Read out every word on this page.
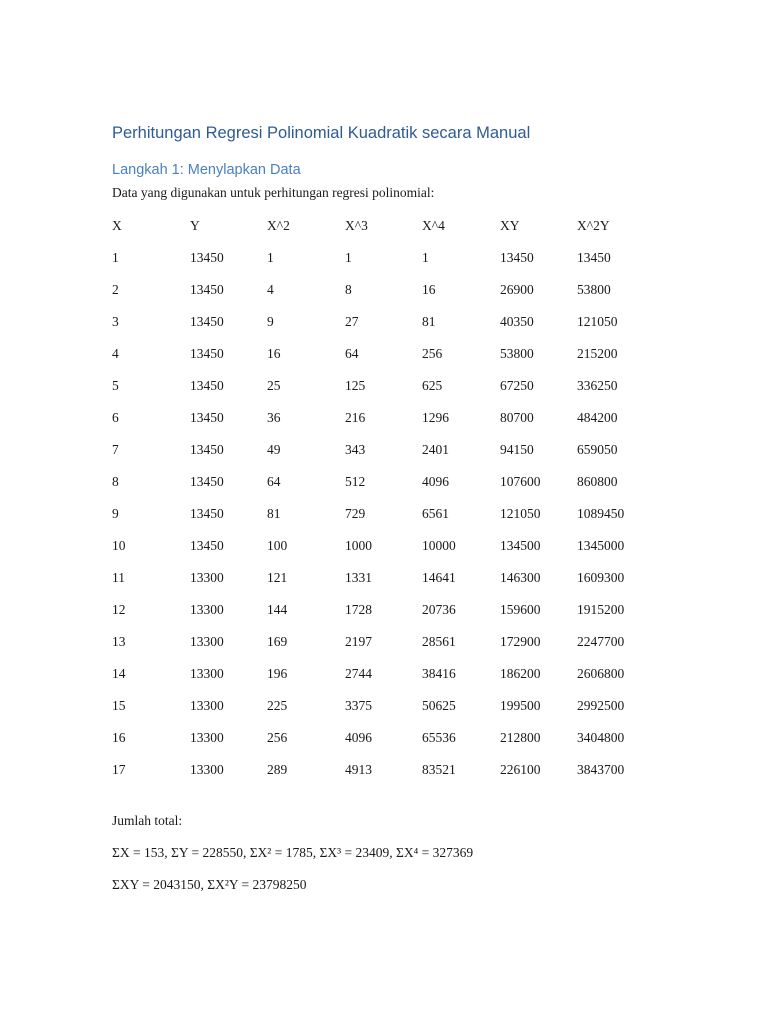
Perhitungan Regresi Polinomial Kuadratik secara Manual
Langkah 1: Menylapkan Data
Data yang digunakan untuk perhitungan regresi polinomial:
X	Y	X^2	X^3	X^4	XY	X^2Y
1	13450	1	1	1	13450	13450
2	13450	4	8	16	26900	53800
3	13450	9	27	81	40350	121050
4	13450	16	64	256	53800	215200
5	13450	25	125	625	67250	336250
6	13450	36	216	1296	80700	484200
7	13450	49	343	2401	94150	659050
8	13450	64	512	4096	107600	860800
9	13450	81	729	6561	121050	1089450
10	13450	100	1000	10000	134500	1345000
11	13300	121	1331	14641	146300	1609300
12	13300	144	1728	20736	159600	1915200
13	13300	169	2197	28561	172900	2247700
14	13300	196	2744	38416	186200	2606800
15	13300	225	3375	50625	199500	2992500
16	13300	256	4096	65536	212800	3404800
17	13300	289	4913	83521	226100	3843700
Jumlah total:
ΣX = 153, ΣY = 228550, ΣX² = 1785, ΣX³ = 23409, ΣX⁴ = 327369
ΣXY = 2043150, ΣX²Y = 23798250
